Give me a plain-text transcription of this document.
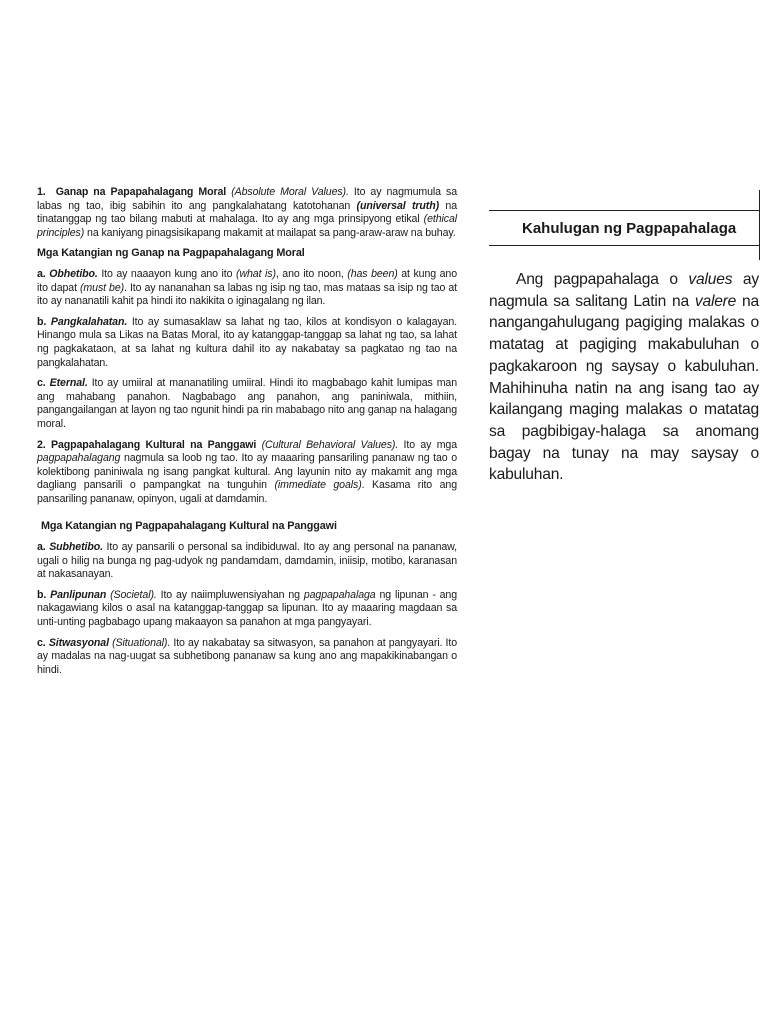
1. Ganap na Papapahalagang Moral (Absolute Moral Values). Ito ay nagmumula sa labas ng tao, ibig sabihin ito ang pangkalahatang katotohanan (universal truth) na tinatanggap ng tao bilang mabuti at mahalaga. Ito ay ang mga prinsipyong etikal (ethical principles) na kaniyang pinagsisikapang makamit at mailapat sa pang-araw-araw na buhay.

Mga Katangian ng Ganap na Pagpapahalagang Moral

a. Obhetibo. Ito ay naaayon kung ano ito (what is), ano ito noon, (has been) at kung ano ito dapat (must be). Ito ay nananahan sa labas ng isip ng tao, mas mataas sa isip ng tao at ito ay nananatili kahit pa hindi ito nakikita o iginagalang ng ilan.

b. Pangkalahatan. Ito ay sumasaklaw sa lahat ng tao, kilos at kondisyon o kalagayan. Hinango mula sa Likas na Batas Moral, ito ay katanggap-tanggap sa lahat ng tao, sa lahat ng pagkakataon, at sa lahat ng kultura dahil ito ay nakabatay sa pagkatao ng tao na pangkalahatan.

c. Eternal. Ito ay umiiral at mananatiling umiiral. Hindi ito magbabago kahit lumipas man ang mahabang panahon. Nagbabago ang panahon, ang paniniwala, mithiin, pangangailangan at layon ng tao ngunit hindi pa rin mababago nito ang ganap na halagang moral.

2. Pagpapahalagang Kultural na Panggawi (Cultural Behavioral Values). Ito ay mga pagpapahalagang nagmula sa loob ng tao. Ito ay maaaring pansariling pananaw ng tao o kolektibong paniniwala ng isang pangkat kultural. Ang layunin nito ay makamit ang mga dagliang pansarili o pampangkat na tunguhin (immediate goals). Kasama rito ang pansariling pananaw, opinyon, ugali at damdamin.

Mga Katangian ng Pagpapahalagang Kultural na Panggawi

a. Subhetibo. Ito ay pansarili o personal sa indibiduwal. Ito ay ang personal na pananaw, ugali o hilig na bunga ng pag-udyok ng pandamdam, damdamin, iniisip, motibo, karanasan at nakasanayan.

b. Panlipunan (Societal). Ito ay naiimpluwensiyahan ng pagpapahalaga ng lipunan - ang nakagawiang kilos o asal na katanggap-tanggap sa lipunan. Ito ay maaaring magdaan sa unti-unting pagbabago upang makaayon sa panahon at mga pangyayari.

c. Sitwasyonal (Situational). Ito ay nakabatay sa sitwasyon, sa panahon at pangyayari. Ito ay madalas na nag-uugat sa subhetibong pananaw sa kung ano ang mapakikinabangan o hindi.

Kahulugan ng Pagpapahalaga
Ang pagpapahalaga o values ay nagmula sa salitang Latin na valere na nangangahulugang pagiging malakas o matatag at pagiging makabuluhan o pagkakaroon ng saysay o kabuluhan. Mahihinuha natin na ang isang tao ay kailangang maging malakas o matatag sa pagbibigay-halaga sa anomang bagay na tunay na may saysay o kabuluhan.
